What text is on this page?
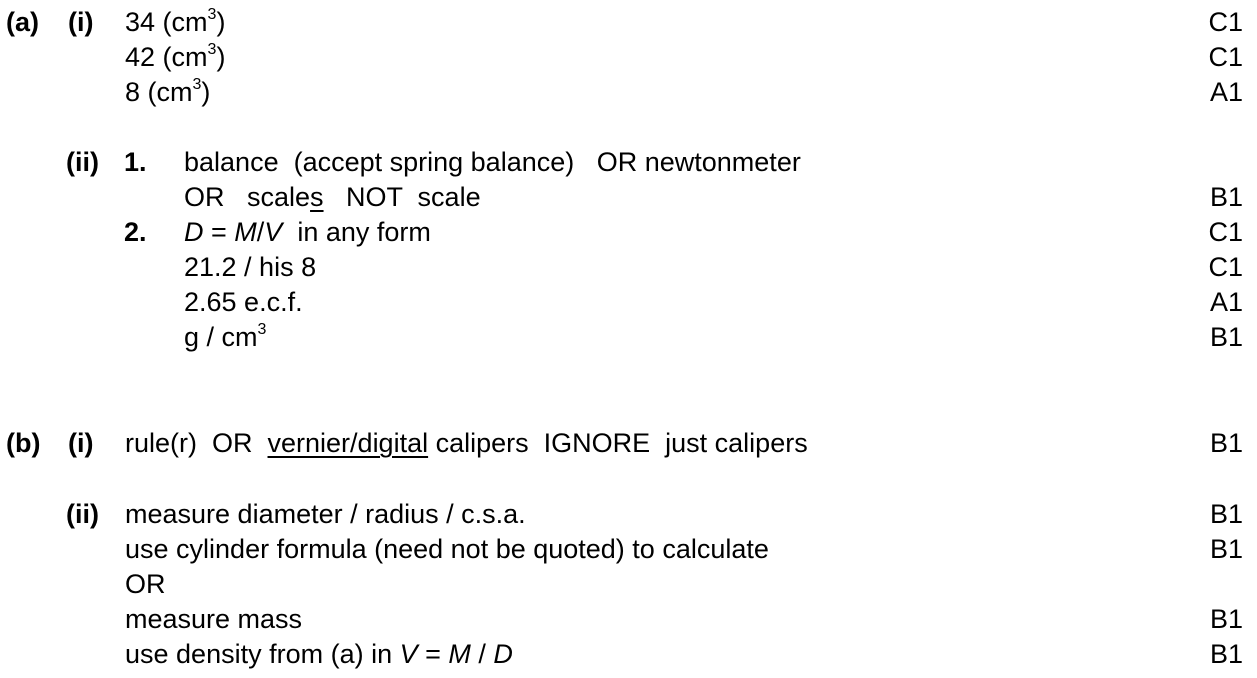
(a) (i) 34 $(cm^3)$	C1
42 $(cm^3)$	C1
8 $(cm^3)$	A1
(ii) 1. balance  (accept spring balance)   OR newtonmeter
OR   scales   NOT  scale	B1
2. D = M/V  in any form	C1
21.2 / his 8	C1
2.65 e.c.f.	A1
g / $cm^3$	B1
(b) (i) rule(r)  OR  vernier/digital calipers  IGNORE  just calipers	B1
(ii) measure diameter / radius / c.s.a.	B1
use cylinder formula (need not be quoted) to calculate	B1
OR
measure mass	B1
use density from (a) in V = M / D	B1
